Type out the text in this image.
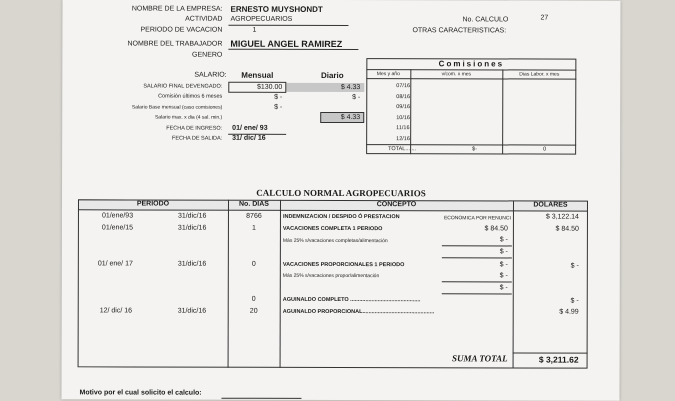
NOMBRE DE LA EMPRESA: ERNESTO MUYSHONDT
ACTIVIDAD AGROPECUARIOS
PERIODO DE VACACION	1
NOMBRE DEL TRABAJADOR MIGUEL ANGEL RAMIREZ
GENERO
No. CALCULO	27
OTRAS CARACTERISTICAS:
SALARIO:	Mensual	Diario
SALARIO FINAL DEVENGADO:	$130.00	$ 4.33
Comisión últimos 6 meses	$ -	$ -
Salario Base mensual (caso comisiones)	$ -
Salario max. x dia (4 sal. min.)	$ 4.33
FECHA DE INGRESO: 01/ ene/ 93
FECHA DE SALIDA: 31/ dic/ 16
Comisiones
Mes y año	v/com. x mes	Dias Labor. x mes
07/16
08/16
09/16
10/16
11/16
12/16
TOTAL.......	$-	0
CALCULO NORMAL AGROPECUARIOS
PERIODO	No. DIAS	CONCEPTO	DOLARES
01/ene/93	31/dic/16	8766	INDEMNIZACION / DESPIDO Ó PRESTACION	ECONOMICA POR RENUNCI	$ 3,122.14
01/ene/15	31/dic/16	1	VACACIONES COMPLETA 1 PERIODO	$ 84.50	$ 84.50
Más 25% s/vacaciones completas/alimentación	$ -
$ -
01/ ene/ 17	31/dic/16	0	VACACIONES PROPORCIONALES 1 PERIODO	$ -	$ -
Más 25% s/vacaciones propor/alimentación	$ -
$ -
0	AGUINALDO COMPLETO ..............................................	$ -
12/ dic/ 16	31/dic/16	20	AGUINALDO PROPORCIONAL...............................................	$ 4.99
SUMA TOTAL	$ 3,211.62
Motivo por el cual solicito el calculo:
